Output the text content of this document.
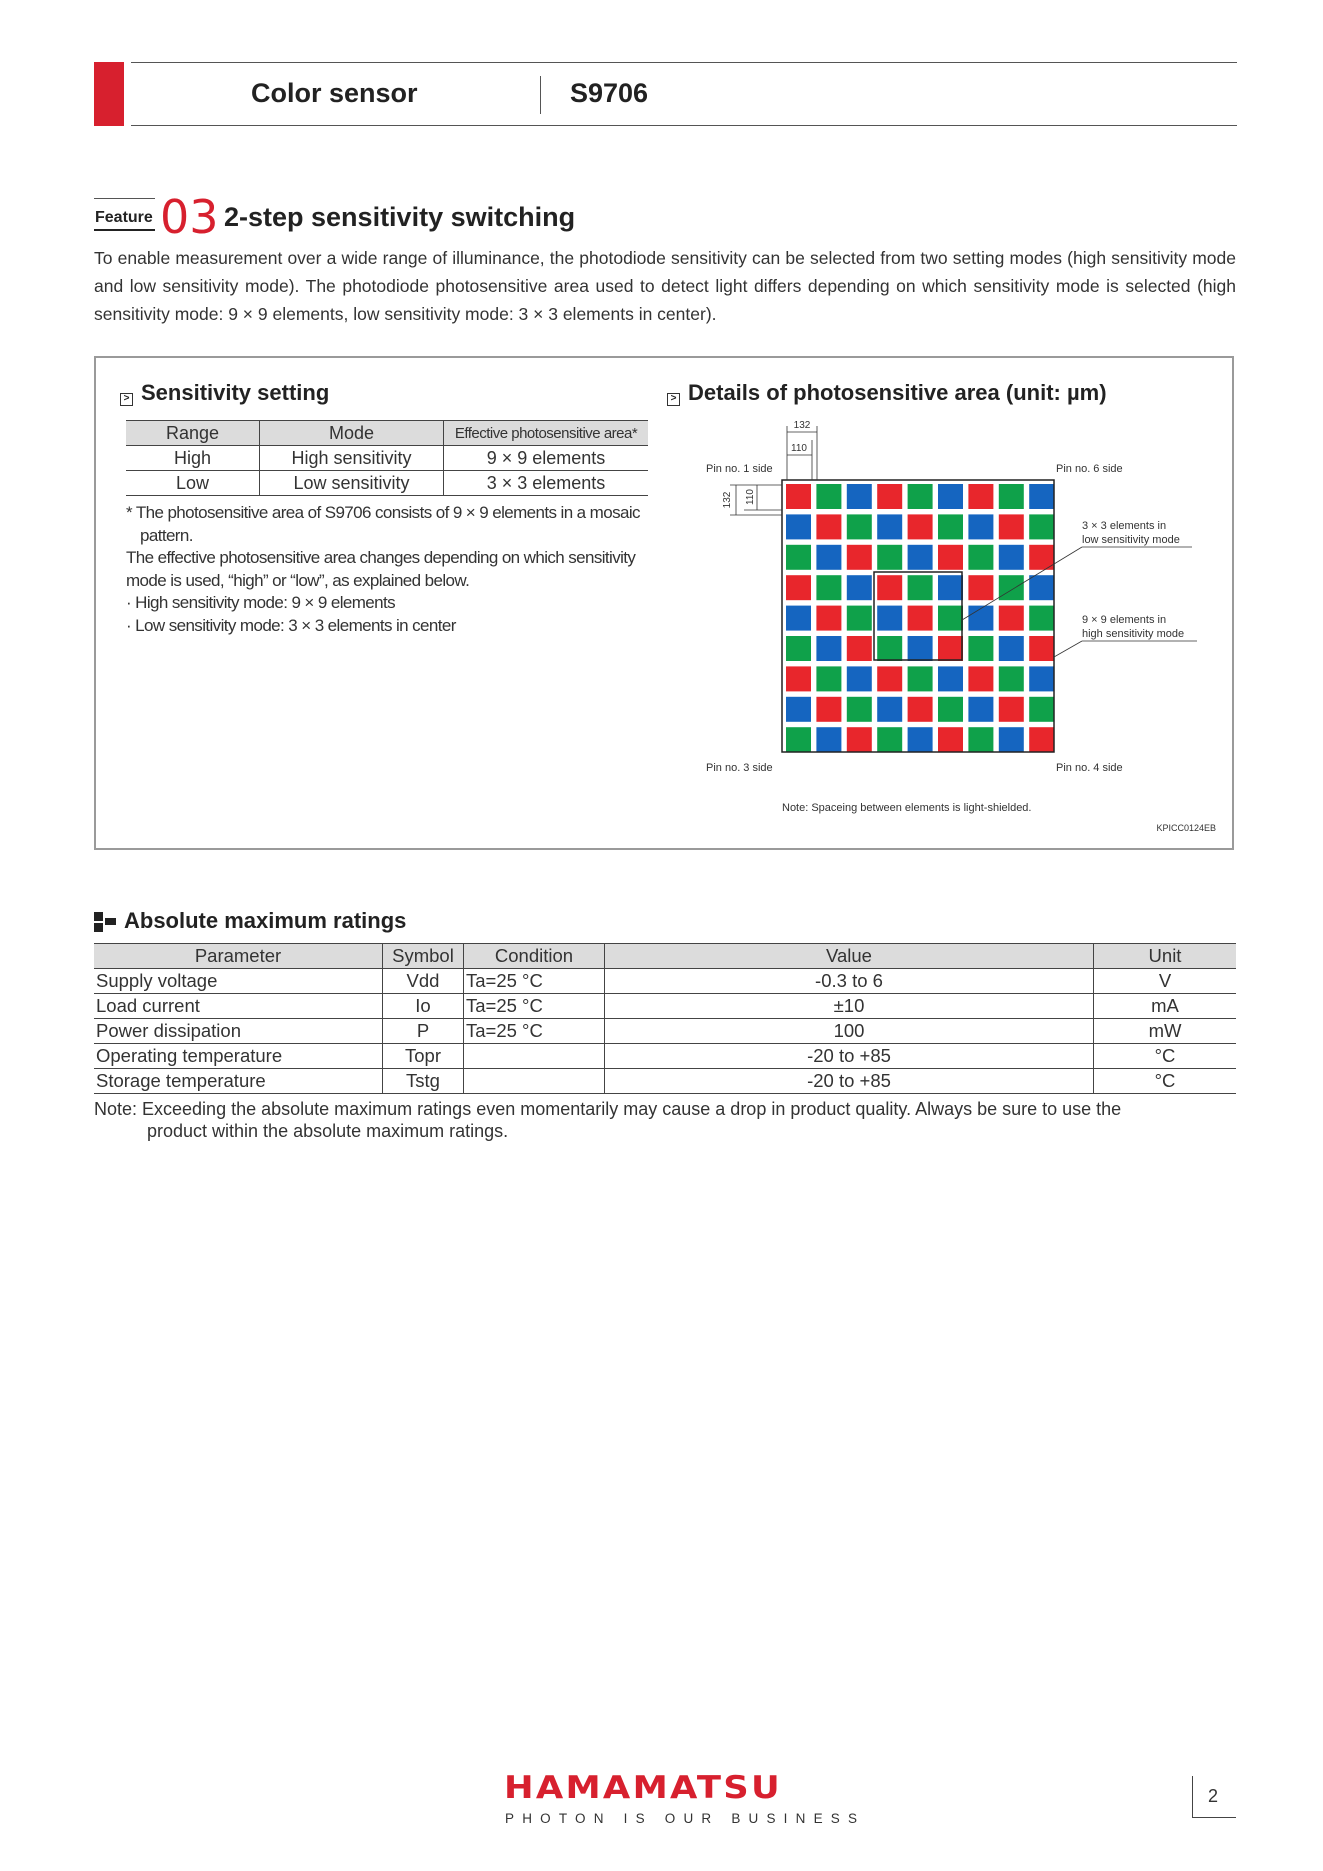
Color sensor	S9706
Feature 03 2-step sensitivity switching
To enable measurement over a wide range of illuminance, the photodiode sensitivity can be selected from two setting modes (high sensitivity mode and low sensitivity mode). The photodiode photosensitive area used to detect light differs depending on which sensitivity mode is selected (high sensitivity mode: 9 × 9 elements, low sensitivity mode: 3 × 3 elements in center).
> Sensitivity setting
Range	Mode	Effective photosensitive area*
High	High sensitivity	9 × 9 elements
Low	Low sensitivity	3 × 3 elements
* The photosensitive area of S9706 consists of 9 × 9 elements in a mosaic
pattern.
The effective photosensitive area changes depending on which sensitivity
mode is used, “high” or “low”, as explained below.
· High sensitivity mode: 9 × 9 elements
· Low sensitivity mode: 3 × 3 elements in center
> Details of photosensitive area (unit: µm)
132
110
132 110
Pin no. 1 side	Pin no. 6 side
Pin no. 3 side	Pin no. 4 side
3 × 3 elements in
low sensitivity mode
9 × 9 elements in
high sensitivity mode
Note: Spaceing between elements is light-shielded.
KPICC0124EB
Absolute maximum ratings
Parameter	Symbol	Condition	Value	Unit
Supply voltage	Vdd	Ta=25 °C	-0.3 to 6	V
Load current	Io	Ta=25 °C	±10	mA
Power dissipation	P	Ta=25 °C	100	mW
Operating temperature	Topr		-20 to +85	°C
Storage temperature	Tstg		-20 to +85	°C
Note: Exceeding the absolute maximum ratings even momentarily may cause a drop in product quality. Always be sure to use the
product within the absolute maximum ratings.
HAMAMATSU
PHOTON IS OUR BUSINESS
2
